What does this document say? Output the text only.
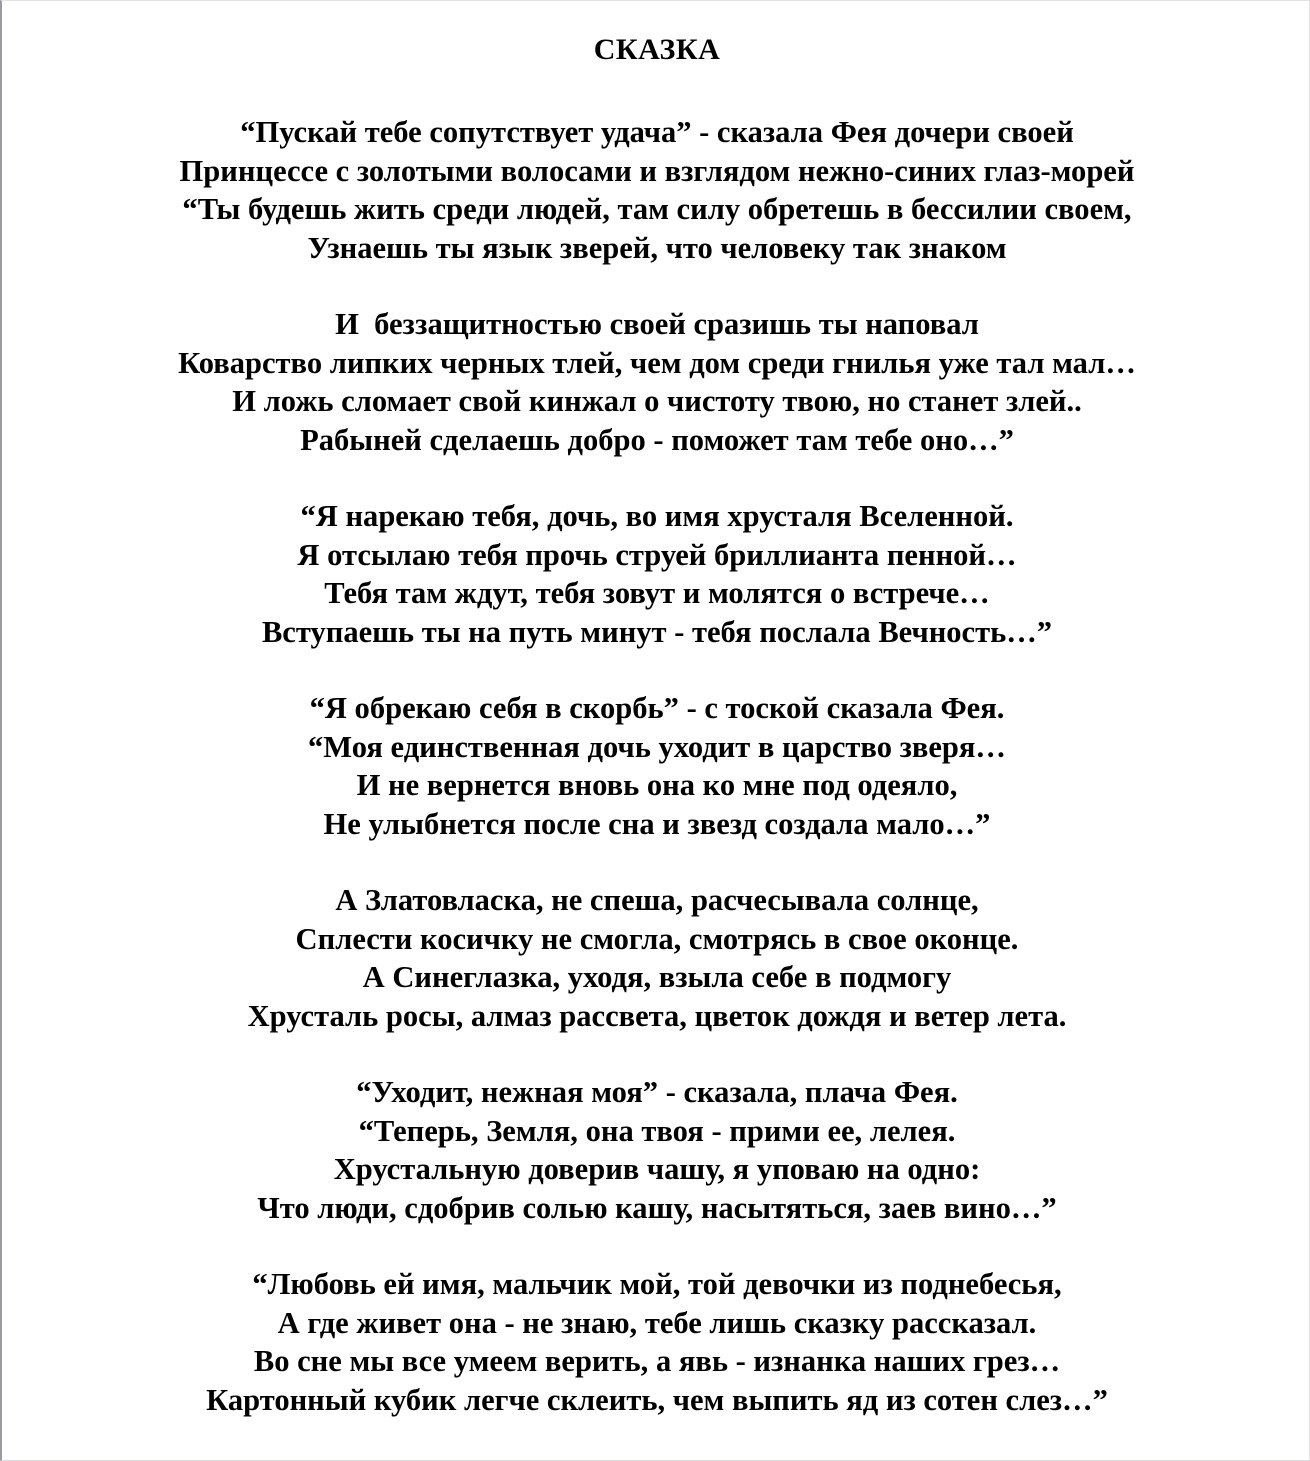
СКАЗКА
“Пускай тебе сопутствует удача” - сказала Фея дочери своей
Принцессе с золотыми волосами и взглядом нежно-синих глаз-морей
“Ты будешь жить среди людей, там силу обретешь в бессилии своем,
Узнаешь ты язык зверей, что человеку так знаком
И  беззащитностью своей сразишь ты наповал
Коварство липких черных тлей, чем дом среди гнилья уже тал мал…
И ложь сломает свой кинжал о чистоту твою, но станет злей..
Рабыней сделаешь добро - поможет там тебе оно…”
“Я нарекаю тебя, дочь, во имя хрусталя Вселенной.
Я отсылаю тебя прочь струей бриллианта пенной…
Тебя там ждут, тебя зовут и молятся о встрече…
Вступаешь ты на путь минут - тебя послала Вечность…”
“Я обрекаю себя в скорбь” - с тоской сказала Фея.
“Моя единственная дочь уходит в царство зверя…
И не вернется вновь она ко мне под одеяло,
Не улыбнется после сна и звезд создала мало…”
А Златовласка, не спеша, расчесывала солнце,
Сплести косичку не смогла, смотрясь в свое оконце.
А Синеглазка, уходя, взыла себе в подмогу
Хрусталь росы, алмаз рассвета, цветок дождя и ветер лета.
“Уходит, нежная моя” - сказала, плача Фея.
“Теперь, Земля, она твоя - прими ее, лелея.
Хрустальную доверив чашу, я уповаю на одно:
Что люди, сдобрив солью кашу, насытяться, заев вино…”
“Любовь ей имя, мальчик мой, той девочки из поднебесья,
А где живет она - не знаю, тебе лишь сказку рассказал.
Во сне мы все умеем верить, а явь - изнанка наших грез…
Картонный кубик легче склеить, чем выпить яд из сотен слез…”
